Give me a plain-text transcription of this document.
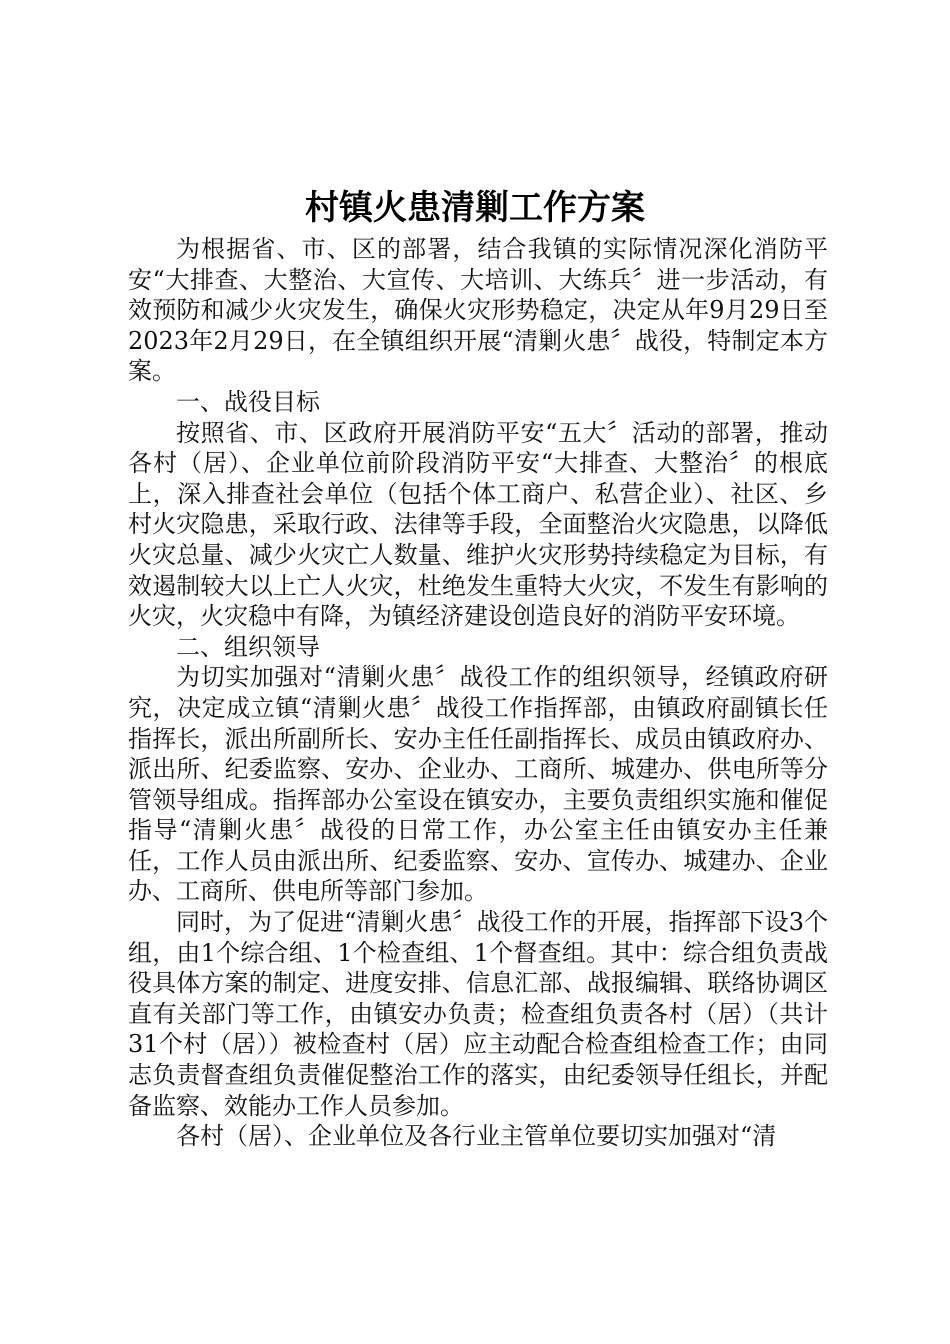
村镇火患清剿工作方案

为根据省、市、区的部署，结合我镇的实际情况深化消防平安“大排查、大整治、大宣传、大培训、大练兵〞进一步活动，有效预防和减少火灾发生，确保火灾形势稳定，决定从年9月29日至2023年2月29日，在全镇组织开展“清剿火患〞战役，特制定本方案。

一、战役目标

按照省、市、区政府开展消防平安“五大〞活动的部署，推动各村（居）、企业单位前阶段消防平安“大排查、大整治〞的根底上，深入排查社会单位（包括个体工商户、私营企业）、社区、乡村火灾隐患，采取行政、法律等手段，全面整治火灾隐患，以降低火灾总量、减少火灾亡人数量、维护火灾形势持续稳定为目标，有效遏制较大以上亡人火灾，杜绝发生重特大火灾，不发生有影响的火灾，火灾稳中有降，为镇经济建设创造良好的消防平安环境。

二、组织领导

为切实加强对“清剿火患〞战役工作的组织领导，经镇政府研究，决定成立镇“清剿火患〞战役工作指挥部，由镇政府副镇长任指挥长，派出所副所长、安办主任任副指挥长、成员由镇政府办、派出所、纪委监察、安办、企业办、工商所、城建办、供电所等分管领导组成。指挥部办公室设在镇安办，主要负责组织实施和催促指导“清剿火患〞战役的日常工作，办公室主任由镇安办主任兼任，工作人员由派出所、纪委监察、安办、宣传办、城建办、企业办、工商所、供电所等部门参加。

同时，为了促进“清剿火患〞战役工作的开展，指挥部下设3个组，由1个综合组、1个检查组、1个督查组。其中：综合组负责战役具体方案的制定、进度安排、信息汇部、战报编辑、联络协调区直有关部门等工作，由镇安办负责；检查组负责各村（居）（共计31个村（居））被检查村（居）应主动配合检查组检查工作；由同志负责督查组负责催促整治工作的落实，由纪委领导任组长，并配备监察、效能办工作人员参加。

各村（居）、企业单位及各行业主管单位要切实加强对“清
